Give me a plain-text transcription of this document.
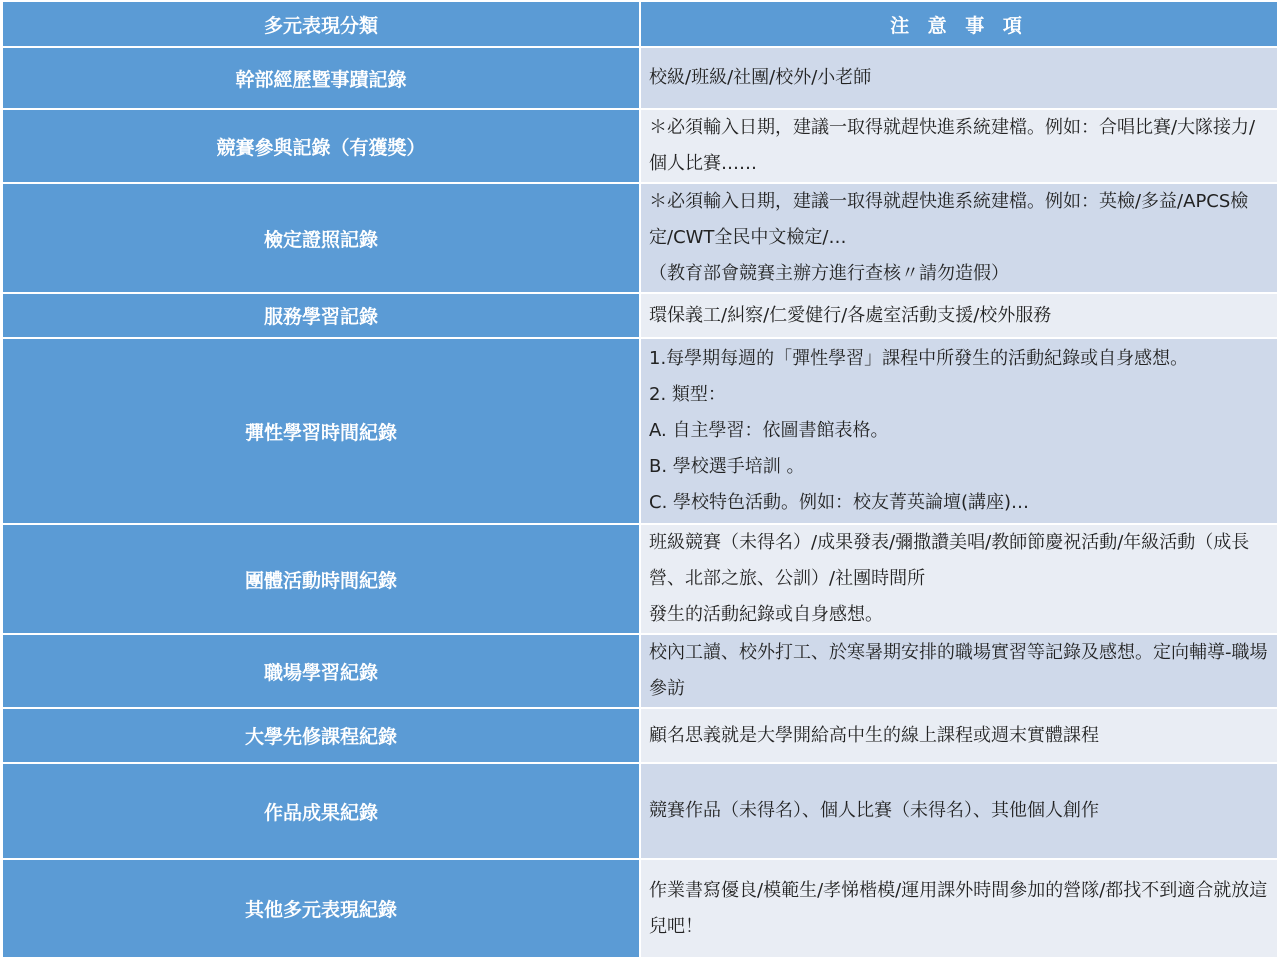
多元表現分類	注 意 事 項
幹部經歷暨事蹟記錄	校級/班級/社團/校外/小老師

競賽參與記錄（有獲獎）	＊必須輸入日期，建議一取得就趕快進系統建檔。例如：合唱比賽/大隊接力/個人比賽……

檢定證照記錄	＊必須輸入日期，建議一取得就趕快進系統建檔。例如：英檢/多益/APCS檢定/CWT全民中文檢定/…
（教育部會競賽主辦方進行查核〃請勿造假）

服務學習記錄	環保義工/糾察/仁愛健行/各處室活動支援/校外服務

彈性學習時間紀錄	1.每學期每週的「彈性學習」課程中所發生的活動紀錄或自身感想。
2. 類型：
A. 自主學習：依圖書館表格。
B. 學校選手培訓 。
C. 學校特色活動。例如：校友菁英論壇(講座)…

團體活動時間紀錄	班級競賽（未得名）/成果發表/彌撒讚美唱/教師節慶祝活動/年級活動（成長營、北部之旅、公訓）/社團時間所
發生的活動紀錄或自身感想。

職場學習紀錄	校內工讀、校外打工、於寒暑期安排的職場實習等記錄及感想。定向輔導-職場參訪

大學先修課程紀錄	顧名思義就是大學開給高中生的線上課程或週末實體課程

作品成果紀錄	競賽作品（未得名）、個人比賽（未得名）、其他個人創作

其他多元表現紀錄	作業書寫優良/模範生/孝悌楷模/運用課外時間參加的營隊/都找不到適合就放這兒吧！
